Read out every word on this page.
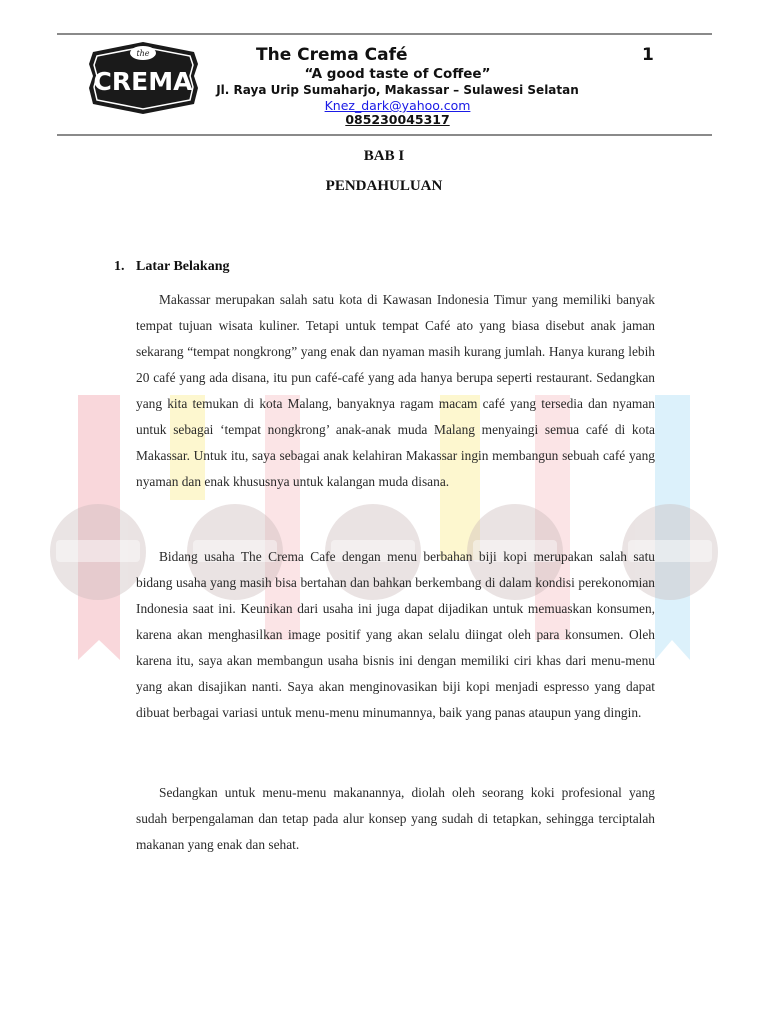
the
CREMA
The Crema Café	1
“A good taste of Coffee”
Jl. Raya Urip Sumaharjo, Makassar – Sulawesi Selatan
Knez_dark@yahoo.com
085230045317
BAB I
PENDAHULUAN
1. Latar Belakang

Makassar merupakan salah satu kota di Kawasan Indonesia Timur yang memiliki banyak tempat tujuan wisata kuliner. Tetapi untuk tempat Café ato yang biasa disebut anak jaman sekarang “tempat nongkrong” yang enak dan nyaman masih kurang jumlah. Hanya kurang lebih 20 café yang ada disana, itu pun café-café yang ada hanya berupa seperti restaurant. Sedangkan yang kita temukan di kota Malang, banyaknya ragam macam café yang tersedia dan nyaman untuk sebagai ‘tempat nongkrong’ anak-anak muda Malang menyaingi semua café di kota Makassar. Untuk itu, saya sebagai anak kelahiran Makassar ingin membangun sebuah café yang nyaman dan enak khususnya untuk kalangan muda disana.

Bidang usaha The Crema Cafe dengan menu berbahan biji kopi merupakan salah satu bidang usaha yang masih bisa bertahan dan bahkan berkembang di dalam kondisi perekonomian Indonesia saat ini. Keunikan dari usaha ini juga dapat dijadikan untuk memuaskan konsumen, karena akan menghasilkan image positif yang akan selalu diingat oleh para konsumen. Oleh karena itu, saya akan membangun usaha bisnis ini dengan memiliki ciri khas dari menu-menu yang akan disajikan nanti. Saya akan menginovasikan biji kopi menjadi espresso yang dapat dibuat berbagai variasi untuk menu-menu minumannya, baik yang panas ataupun yang dingin.

Sedangkan untuk menu-menu makanannya, diolah oleh seorang koki profesional yang sudah berpengalaman dan tetap pada alur konsep yang sudah di tetapkan, sehingga terciptalah makanan yang enak dan sehat.
